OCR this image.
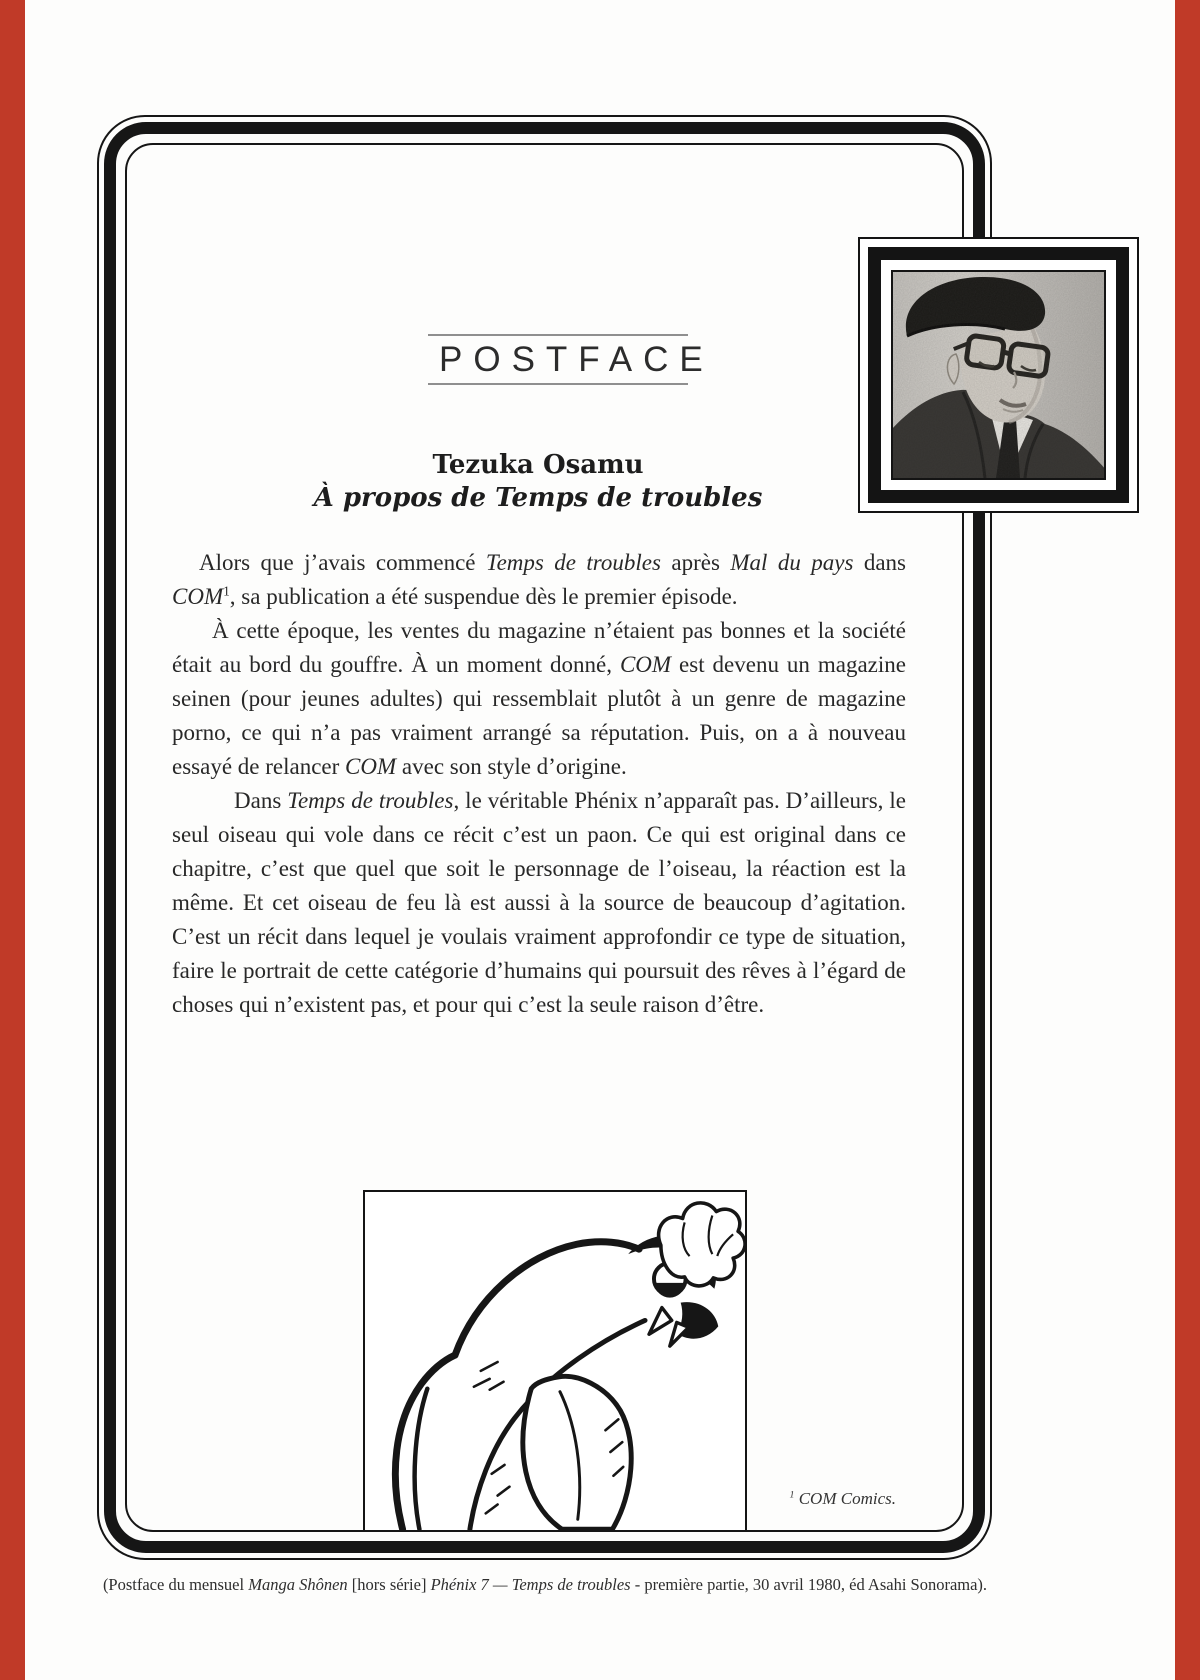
POSTFACE
Tezuka Osamu
À propos de Temps de troubles

Alors que j’avais commencé Temps de troubles après Mal du pays dans COM$^1$, sa publication a été suspendue dès le premier épisode.

À cette époque, les ventes du magazine n’étaient pas bonnes et la société était au bord du gouffre. À un moment donné, COM est devenu un magazine seinen (pour jeunes adultes) qui ressemblait plutôt à un genre de magazine porno, ce qui n’a pas vraiment arrangé sa réputation. Puis, on a à nouveau essayé de relancer COM avec son style d’origine.

Dans Temps de troubles, le véritable Phénix n’apparaît pas. D’ailleurs, le seul oiseau qui vole dans ce récit c’est un paon. Ce qui est original dans ce chapitre, c’est que quel que soit le personnage de l’oiseau, la réaction est la même. Et cet oiseau de feu là est aussi à la source de beaucoup d’agitation. C’est un récit dans lequel je voulais vraiment approfondir ce type de situation, faire le portrait de cette catégorie d’humains qui poursuit des rêves à l’égard de choses qui n’existent pas, et pour qui c’est la seule raison d’être.

$^1$ COM Comics.
(Postface du mensuel Manga Shônen [hors série] Phénix 7 — Temps de troubles - première partie, 30 avril 1980, éd Asahi Sonorama).
